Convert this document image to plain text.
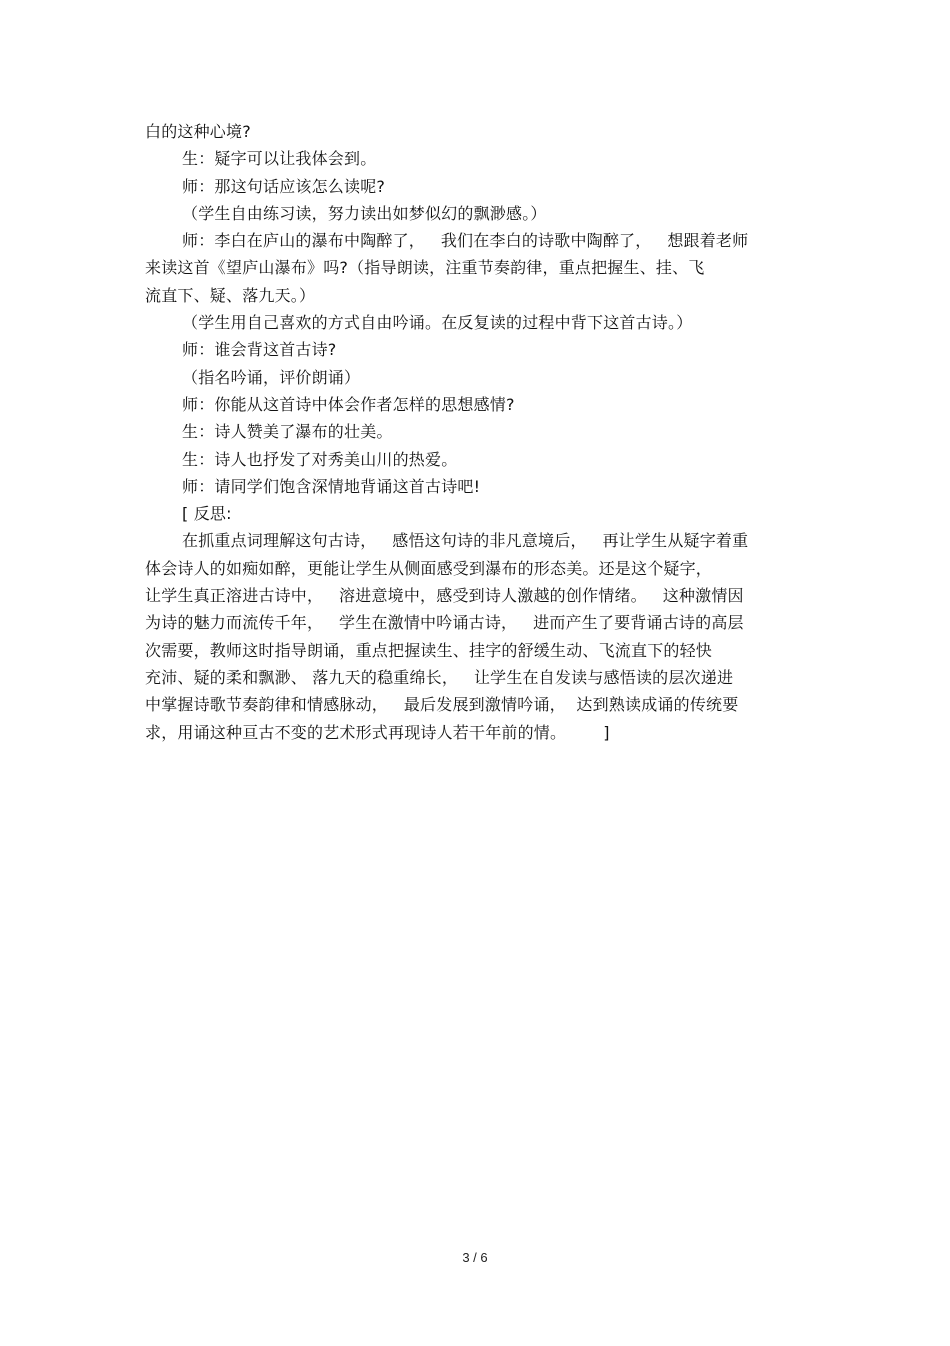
白的这种心境?
生：疑字可以让我体会到。
师：那这句话应该怎么读呢?
（学生自由练习读，努力读出如梦似幻的飘渺感。）
师：李白在庐山的瀑布中陶醉了，   我们在李白的诗歌中陶醉了，   想跟着老师
来读这首《望庐山瀑布》吗?（指导朗读，注重节奏韵律，重点把握生、挂、飞
流直下、疑、落九天。）
（学生用自己喜欢的方式自由吟诵。在反复读的过程中背下这首古诗。）
师：谁会背这首古诗?
（指名吟诵，评价朗诵）
师：你能从这首诗中体会作者怎样的思想感情?
生：诗人赞美了瀑布的壮美。
生：诗人也抒发了对秀美山川的热爱。
师：请同学们饱含深情地背诵这首古诗吧!
[ 反思:
在抓重点词理解这句古诗，   感悟这句诗的非凡意境后，   再让学生从疑字着重
体会诗人的如痴如醉，更能让学生从侧面感受到瀑布的形态美。还是这个疑字，
让学生真正溶进古诗中，   溶进意境中，感受到诗人激越的创作情绪。   这种激情因
为诗的魅力而流传千年，   学生在激情中吟诵古诗，   进而产生了要背诵古诗的高层
次需要，教师这时指导朗诵，重点把握读生、挂字的舒缓生动、飞流直下的轻快
充沛、疑的柔和飘渺、 落九天的稳重绵长，   让学生在自发读与感悟读的层次递进
中掌握诗歌节奏韵律和情感脉动，   最后发展到激情吟诵，  达到熟读成诵的传统要
求，用诵这种亘古不变的艺术形式再现诗人若干年前的情。       ]
3 / 6
